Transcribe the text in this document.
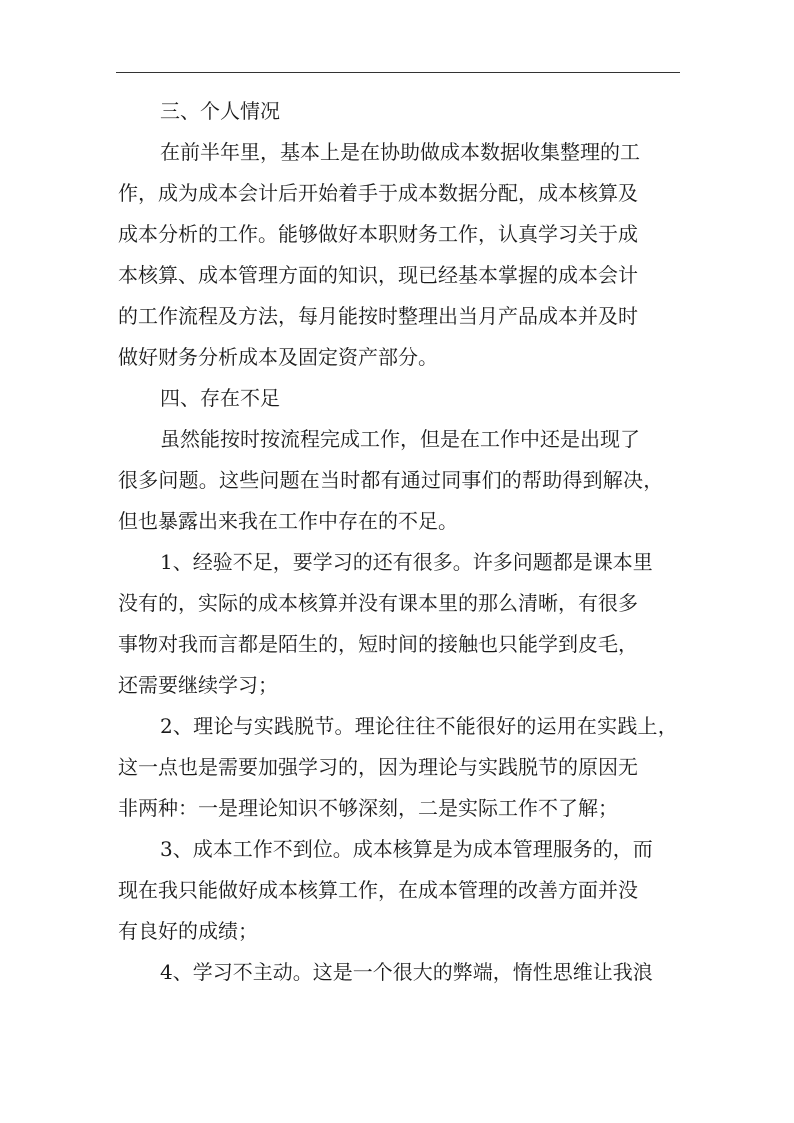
三、个人情况
在前半年里，基本上是在协助做成本数据收集整理的工
作，成为成本会计后开始着手于成本数据分配，成本核算及
成本分析的工作。能够做好本职财务工作，认真学习关于成
本核算、成本管理方面的知识，现已经基本掌握的成本会计
的工作流程及方法，每月能按时整理出当月产品成本并及时
做好财务分析成本及固定资产部分。
四、存在不足
虽然能按时按流程完成工作，但是在工作中还是出现了
很多问题。这些问题在当时都有通过同事们的帮助得到解决，
但也暴露出来我在工作中存在的不足。
1、经验不足，要学习的还有很多。许多问题都是课本里
没有的，实际的成本核算并没有课本里的那么清晰，有很多
事物对我而言都是陌生的，短时间的接触也只能学到皮毛，
还需要继续学习；
2、理论与实践脱节。理论往往不能很好的运用在实践上，
这一点也是需要加强学习的，因为理论与实践脱节的原因无
非两种：一是理论知识不够深刻，二是实际工作不了解；
3、成本工作不到位。成本核算是为成本管理服务的，而
现在我只能做好成本核算工作，在成本管理的改善方面并没
有良好的成绩；
4、学习不主动。这是一个很大的弊端，惰性思维让我浪
